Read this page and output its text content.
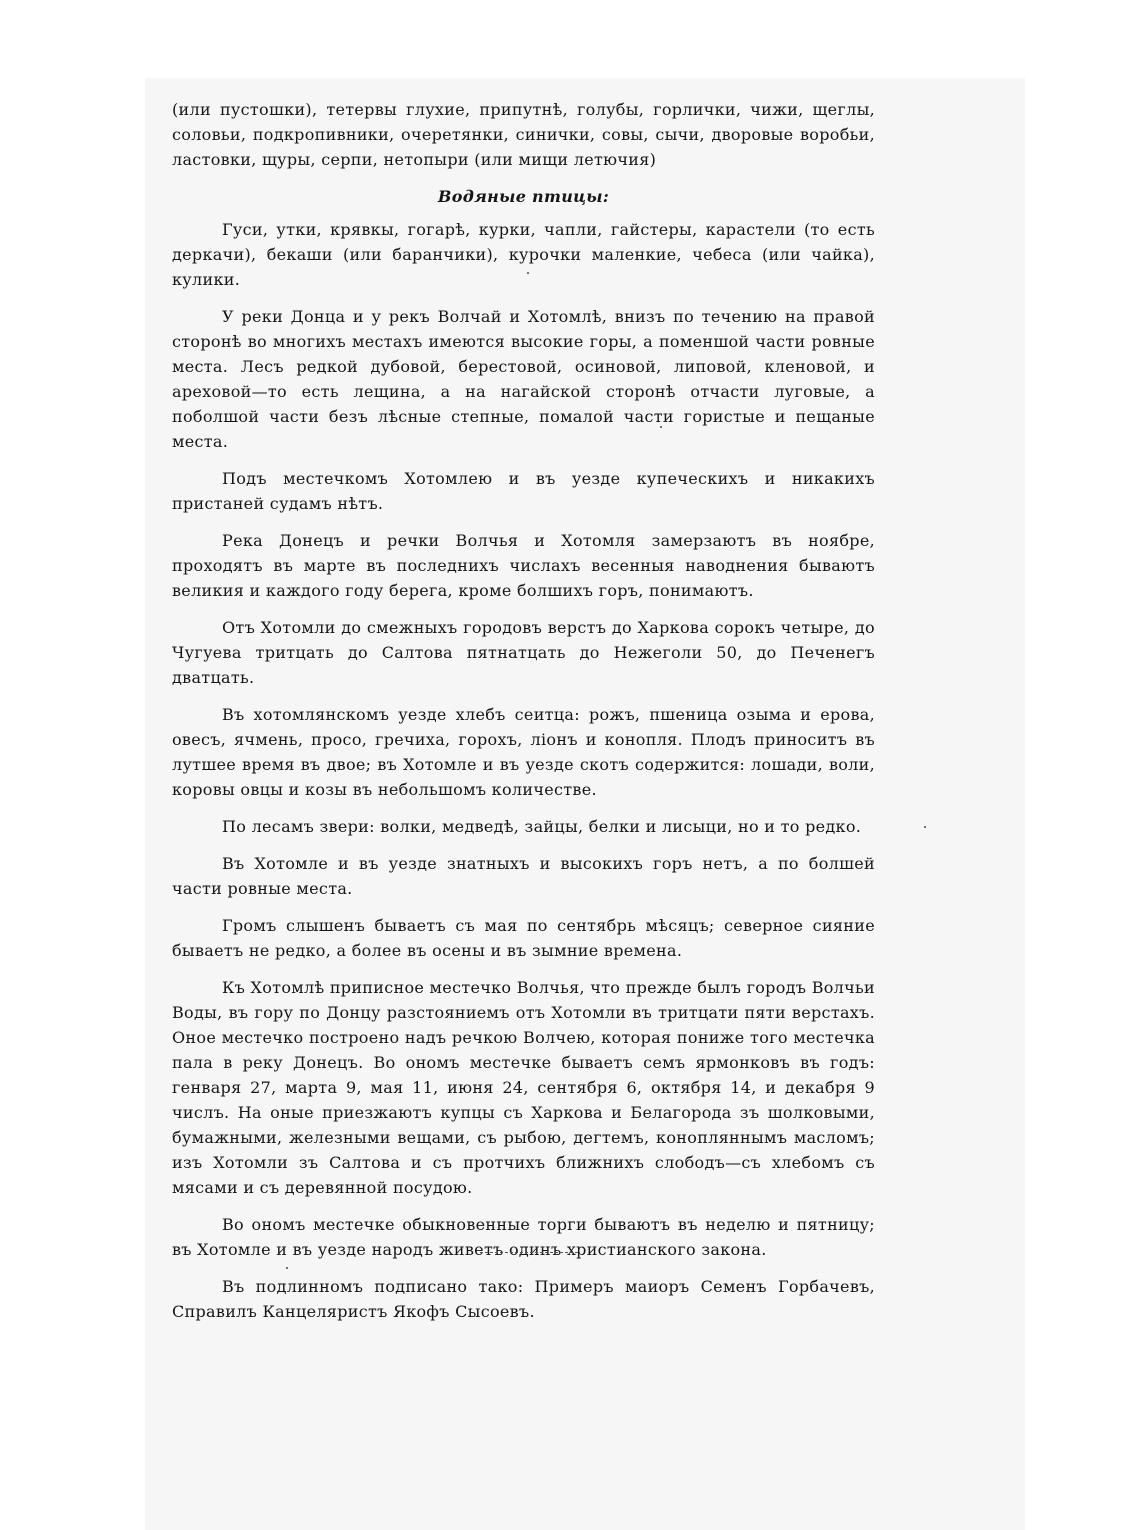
(или пустошки), тетервы глухие, припутнѣ, голубы, горлички, чижи, щеглы, соловьи, подкропивники, очеретянки, синички, совы, сычи, дворовые воробьи, ластовки, щуры, серпи, нетопыри (или мищи летючия)

Водяные птицы:

Гуси, утки, крявкы, гогарѣ, курки, чапли, гайстеры, карастели (то есть деркачи), бекаши (или баранчики), курочки маленкие, чебеса (или чайка), кулики.

У реки Донца и у рекъ Волчай и Хотомлѣ, внизъ по течению на правой сторонѣ во многихъ местахъ имеются высокие горы, а поменшой части ровные места. Лесъ редкой дубовой, берестовой, осиновой, липовой, кленовой, и ареховой—то есть лещина, а на нагайской сторонѣ отчасти луговые, а поболшой части безъ лѣсные степные, помалой части гористые и пещаные места.

Подъ местечкомъ Хотомлею и въ уезде купеческихъ и никакихъ пристаней судамъ нѣтъ.

Река Донецъ и речки Волчья и Хотомля замерзаютъ въ ноябре, проходятъ въ марте въ последнихъ числахъ весенныя наводнения бываютъ великия и каждого году берега, кроме болшихъ горъ, понимаютъ.

Отъ Хотомли до смежныхъ городовъ верстъ до Харкова сорокъ четыре, до Чугуева тритцать до Салтова пятнатцать до Нежеголи 50, до Печенегъ дватцать.

Въ хотомлянскомъ уезде хлебъ сеитца: рожъ, пшеница озыма и ерова, овесъ, ячмень, просо, гречиха, горохъ, ліонъ и конопля. Плодъ приноситъ въ лутшее время въ двое; въ Хотомле и въ уезде скотъ содержится: лошади, воли, коровы овцы и козы въ небольшомъ количестве.

По лесамъ звери: волки, медведѣ, зайцы, белки и лисыци, но и то редко.

Въ Хотомле и въ уезде знатныхъ и высокихъ горъ нетъ, а по болшей части ровные места.

Громъ слышенъ бываетъ съ мая по сентябрь мѣсяцъ; северное сияние бываетъ не редко, а более въ осены и въ зымние времена.

Къ Хотомлѣ приписное местечко Волчья, что прежде былъ городъ Волчьи Воды, въ гору по Донцу разстояниемъ отъ Хотомли въ тритцати пяти верстахъ. Оное местечко построено надъ речкою Волчею, которая пониже того местечка пала в реку Донецъ. Во ономъ местечке бываетъ семъ ярмонковъ въ годъ: генваря 27, марта 9, мая 11, июня 24, сентября 6, октября 14, и декабря 9 числъ. На оные приезжаютъ купцы съ Харкова и Белагорода зъ шолковыми, бумажными, железными вещами, съ рыбою, дегтемъ, конопляннымъ масломъ; изъ Хотомли зъ Салтова и съ протчихъ ближнихъ слободъ—съ хлебомъ съ мясами и съ деревянной посудою.

Во ономъ местечке обыкновенные торги бываютъ въ неделю и пятницу; въ Хотомле и въ уезде народъ живетъ одинъ христианского закона.

Въ подлинномъ подписано тако: Примеръ маиоръ Семенъ Горбачевъ, Справилъ Канцеляристъ Якофъ Сысоевъ.
